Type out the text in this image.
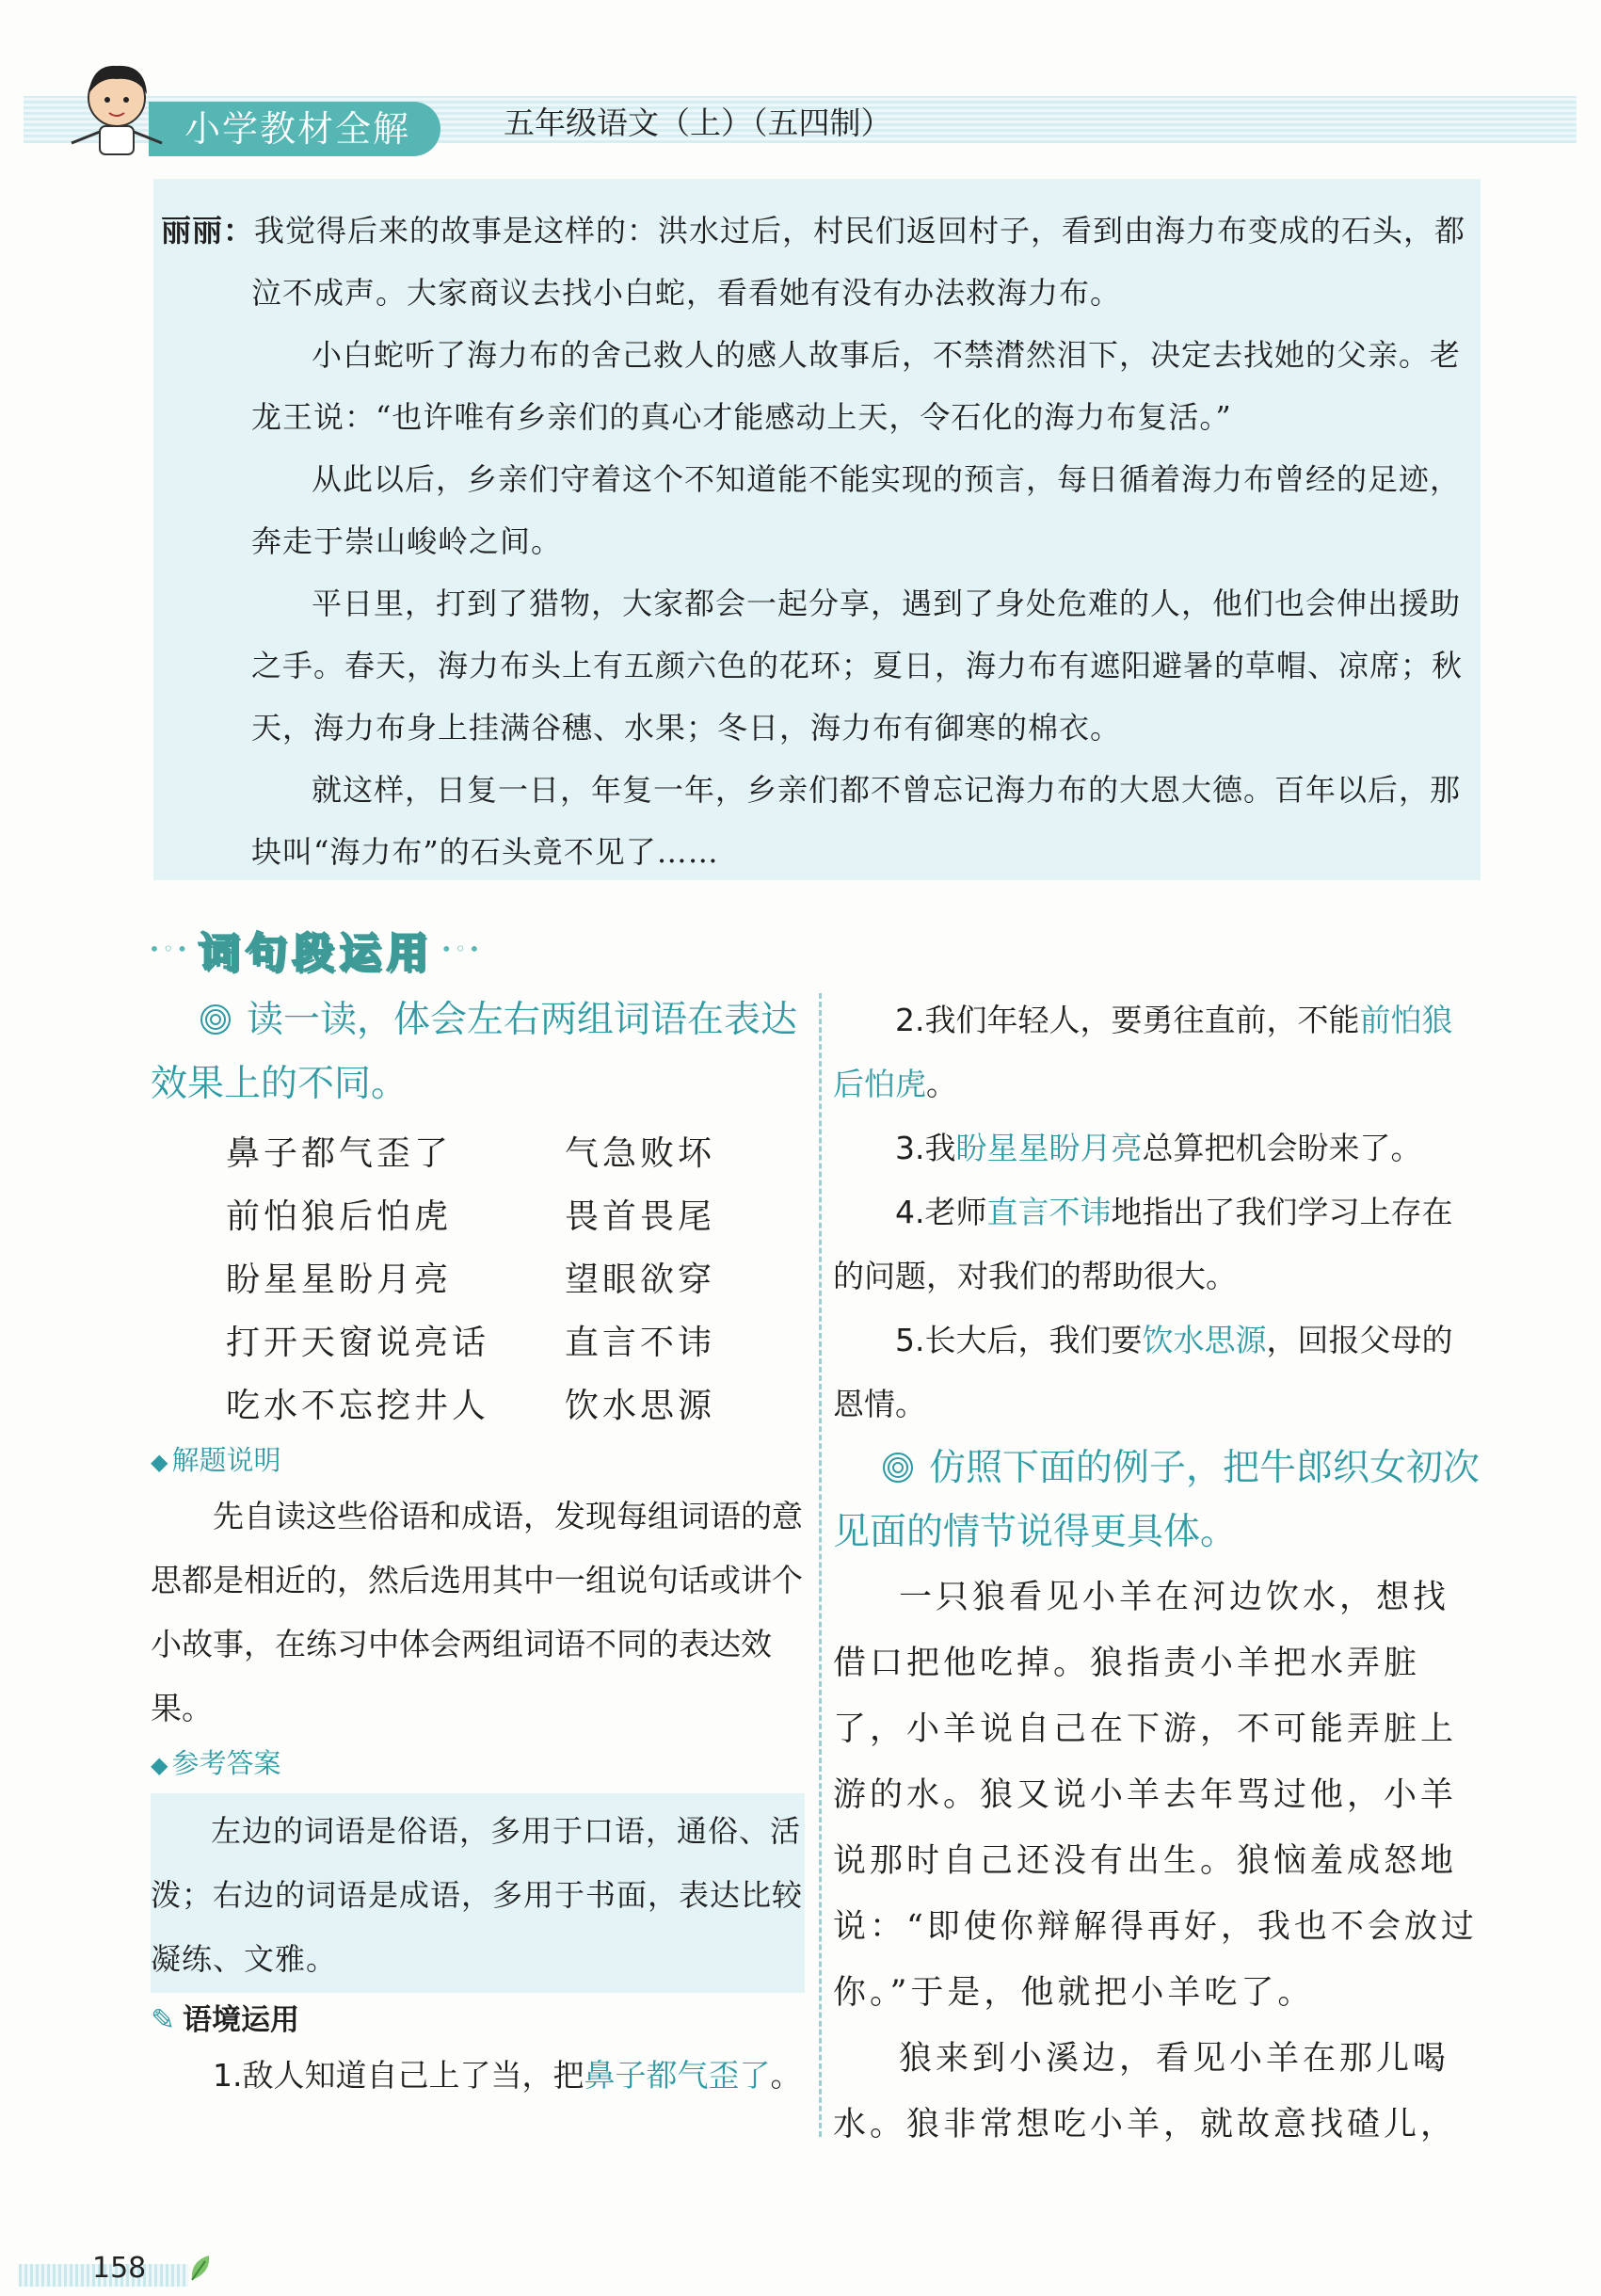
小学教材全解	五年级语文（上）（五四制）

丽丽：我觉得后来的故事是这样的：洪水过后，村民们返回村子，看到由海力布变成的石头，都泣不成声。大家商议去找小白蛇，看看她有没有办法救海力布。

小白蛇听了海力布的舍己救人的感人故事后，不禁潸然泪下，决定去找她的父亲。老龙王说：“也许唯有乡亲们的真心才能感动上天，令石化的海力布复活。”

从此以后，乡亲们守着这个不知道能不能实现的预言，每日循着海力布曾经的足迹，奔走于崇山峻岭之间。

平日里，打到了猎物，大家都会一起分享，遇到了身处危难的人，他们也会伸出援助之手。春天，海力布头上有五颜六色的花环；夏日，海力布有遮阳避暑的草帽、凉席；秋天，海力布身上挂满谷穗、水果；冬日，海力布有御寒的棉衣。

就这样，日复一日，年复一年，乡亲们都不曾忘记海力布的大恩大德。百年以后，那块叫“海力布”的石头竟不见了……

•◦• 词句段运用 •◦•

读一读，体会左右两组词语在表达效果上的不同。

鼻子都气歪了	气急败坏
前怕狼后怕虎	畏首畏尾
盼星星盼月亮	望眼欲穿
打开天窗说亮话	直言不讳
吃水不忘挖井人	饮水思源

◆ 解题说明

先自读这些俗语和成语，发现每组词语的意思都是相近的，然后选用其中一组说句话或讲个小故事，在练习中体会两组词语不同的表达效果。

◆ 参考答案

左边的词语是俗语，多用于口语，通俗、活泼；右边的词语是成语，多用于书面，表达比较凝练、文雅。

✎ 语境运用

1.敌人知道自己上了当，把鼻子都气歪了。

2.我们年轻人，要勇往直前，不能前怕狼后怕虎。

3.我盼星星盼月亮总算把机会盼来了。

4.老师直言不讳地指出了我们学习上存在的问题，对我们的帮助很大。

5.长大后，我们要饮水思源，回报父母的恩情。

仿照下面的例子，把牛郎织女初次见面的情节说得更具体。

一只狼看见小羊在河边饮水，想找借口把他吃掉。狼指责小羊把水弄脏了，小羊说自己在下游，不可能弄脏上游的水。狼又说小羊去年骂过他，小羊说那时自己还没有出生。狼恼羞成怒地说：“即使你辩解得再好，我也不会放过你。”于是，他就把小羊吃了。

狼来到小溪边，看见小羊在那儿喝水。狼非常想吃小羊，就故意找碴儿，

158
